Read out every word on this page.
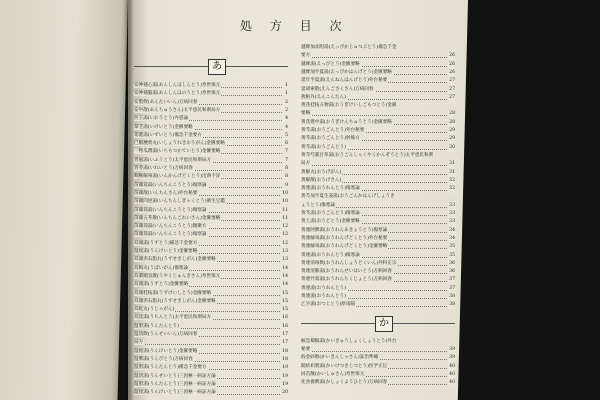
処 方 目 次
あ
安神補心湯(あんしんほしんとう)寿世保元	1
安神補腦湯(あんしんほのうとう)寿世保元	1
安胎飲(あんたいいん)万病回春	2
安中散(あんちゅうさん)太平恵民和剤局方	2
医王湯(いおうとう)弁惑論	4
葦茎湯(いけいとう)金匱要略	4
萎蕤湯(いずいとう)備急千金要方	5
已椒藶黄丸(いしょうれきおうがん)金匱要略	6
一物瓜蔕湯(いちもつかていとう)金匱要略	7
胃風湯(いふうとう)太平恵民和剤局方	7
胃苓湯(いれいとう)万病回春	8
咽喉解毒湯(いんかんげどくとう)出典不詳	8
茵蔯蒿湯(いんちんこうとう)傷寒論	9
茵蔯散(いんちんさん)外台秘要	10
茵蔯四逆湯(いんちんしぎゃくとう)衛生宝鑑	10
茵蔯蒿湯(いんちんこうとう)傷寒論	11
茵蔯五苓散(いんちんごれいさん)金匱要略	11
茵蔯蒿湯(いんちんこうとう)類聚方	12
茵蔯蒿湯(いんちんこうとう)傷寒論	12
烏頭湯(うずとう)備急千金要方	12
温経湯(うんけいとう)金匱要略	13
烏頭赤石脂丸(うずせきしがん)金匱要略	13
烏梅丸(うばいがん)傷寒論	14
烏薬順気散(うやくじゅんきさん)寿世保元	14
烏頭湯(うずとう)金匱要略	14
烏頭桂枝湯(うずけいしとう)金匱要略	15
烏頭赤石脂丸(うずせきしがん)金匱要略	15
烏蛇丸(うじゃがん)	15
烏沈湯(うちんとう)太平恵民和剤局方	16
温胆湯(うんたんとう)	16
温清飲(うんせいいん)万病回春	17
局方	17
温経湯(うんけいとう)金匱要略	18
温脾湯(うんぴとう)万病回春	18
温胆湯(うんたんとう)備急千金要方	19
温清湯(うんせいとう)三因極一病証方論	19
温胆湯(うんたんとう)三因極一病証方論	19
温経湯(うんけいとう)三因極一病証方論	20
越婢加朮附湯(えっぴかじゅつぶとう)備急千金
要方	26
越婢湯(えっぴとう)金匱要略	26
越婢加半夏湯(えっぴかはんげとう)金匱要略	26
延年半夏湯(えんねんはんげとう)外台秘要	27
延胡索散(えんごさくさん)万病回春	27
燕根丹(えんこんたん)	27
黄芪桂枝五物湯(おうぎけいしごもつとう)金匱
要略	28
黄芪建中湯(おうぎけんちゅうとう)金匱要略	28
黄芩湯(おうごんとう)外台秘要	29
黄芩湯(おうごんとう)肘後方	29
黄芩湯(おうごんとう)	30
黄芩芍薬甘草湯(おうごんしゃくやくかんぞうとう)太平恵民和剤
局方	31
黄解丸(おうげがん)	31
黄解散(おうげさん)	32
黄連湯(おうれんとう)傷寒論	32
黄芩加半夏生姜湯(おうごんかはんげしょうき
ょうとう)傷寒論	33
黄芩湯(おうごんとう)傷寒論	33
黄土湯(おうどとう)金匱要略	33
黄連阿膠湯(おうれんあきょうとう)傷寒論	34
黄連解毒湯(おうれんげどくとう)外台秘要	34
黄連解毒湯(おうれんげどくとう)金匱要略	35
黄連湯(おうれんとう)傷寒論	35
黄連消毒飲(おうれんしょうどくいん)外科正宗	36
黄連清肺湯(おうれんせいはいとう)万病回春	36
黄連竹茹湯(おうれんちくじょとう)万病回春	37
黄連湯(おうれんとう)	37
黄連湯(おうれんとう)	38
乙字湯(おつじとう)原南陽	38
か
解急蜀椒湯(かいきゅうしょくしょうとう)外台
秘要	39
海金砂散(かいきんしゃさん)証治準縄	39
開結枳實湯(かいけつきじつとう)医学正伝	40
回首散(かいしゅさん)寿世保元	40
化食養脾湯(かしょくようひとう)万病回春	40
